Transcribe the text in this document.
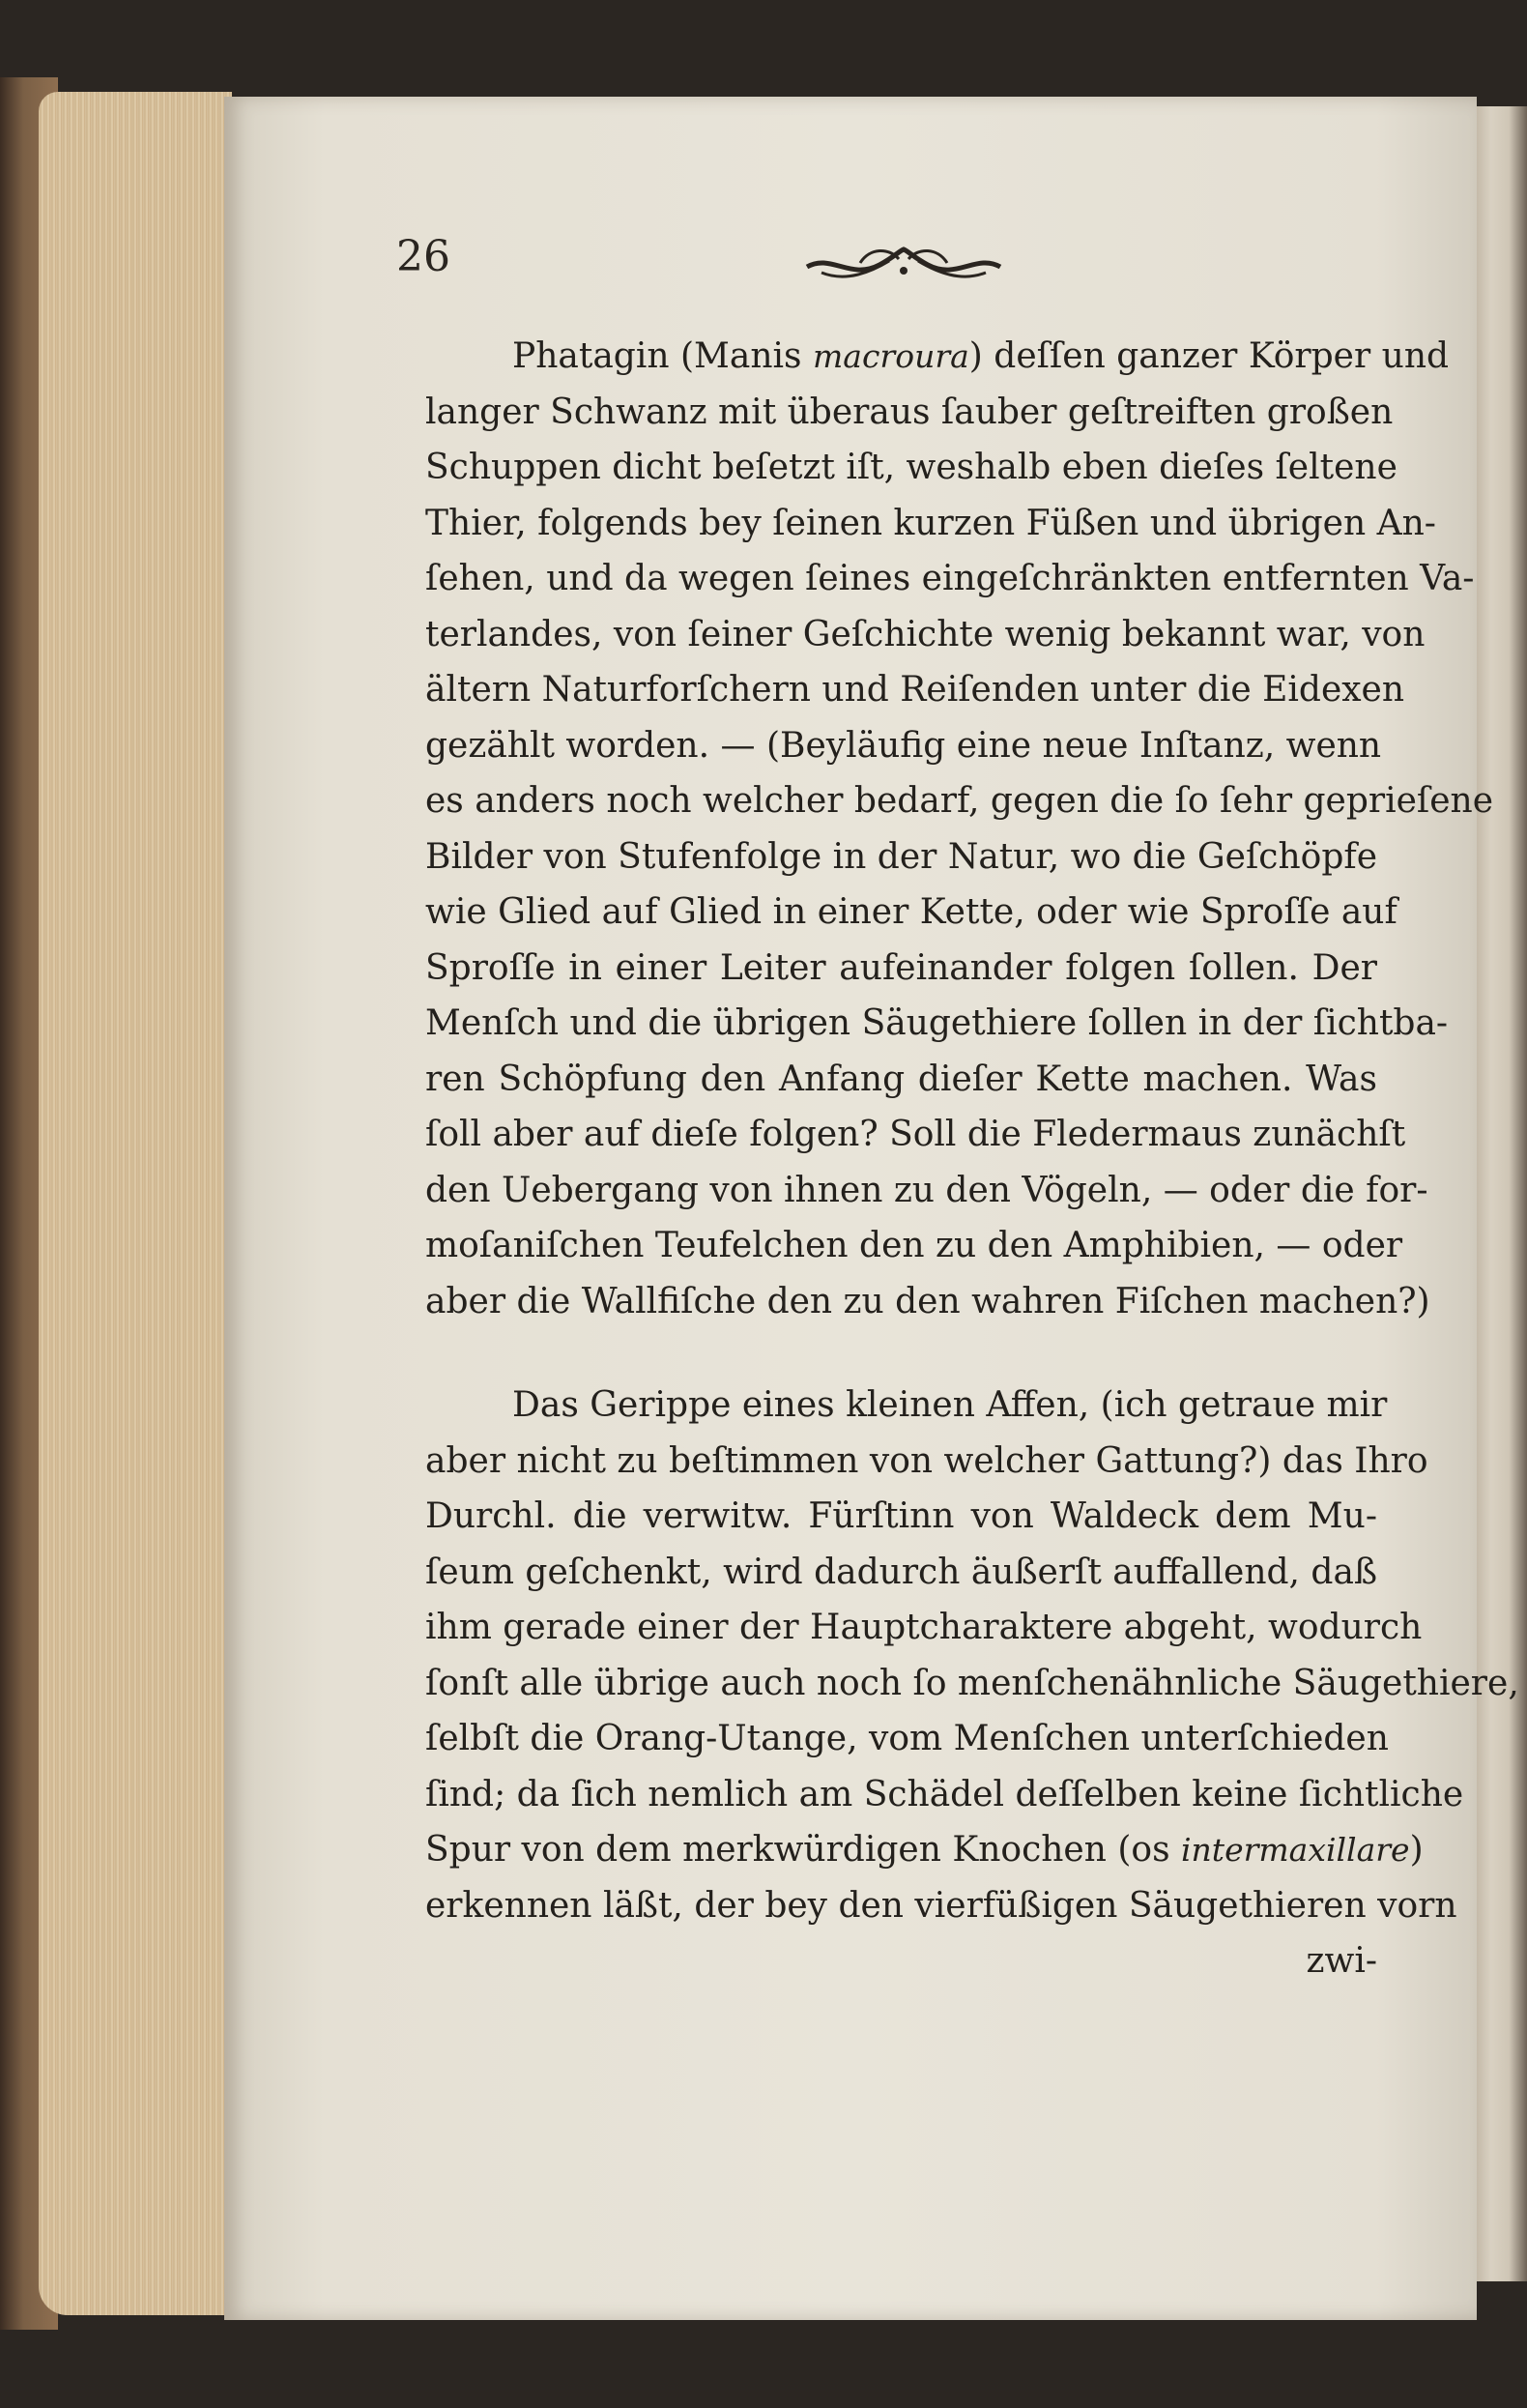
26
Phatagin (Manis macroura) deſſen ganzer Körper und
langer Schwanz mit überaus ſauber geſtreiften großen
Schuppen dicht beſetzt iſt, weshalb eben dieſes ſeltene
Thier, folgends bey ſeinen kurzen Füßen und übrigen An-
ſehen, und da wegen ſeines eingeſchränkten entfernten Va-
terlandes, von ſeiner Geſchichte wenig bekannt war, von
ältern Naturforſchern und Reiſenden unter die Eidexen
gezählt worden. — (Beyläufig eine neue Inſtanz, wenn
es anders noch welcher bedarf, gegen die ſo ſehr geprieſene
Bilder von Stufenfolge in der Natur, wo die Geſchöpfe
wie Glied auf Glied in einer Kette, oder wie Sproſſe auf
Sproſſe in einer Leiter aufeinander folgen ſollen. Der
Menſch und die übrigen Säugethiere ſollen in der ſichtba-
ren Schöpfung den Anfang dieſer Kette machen. Was
ſoll aber auf dieſe folgen? Soll die Fledermaus zunächſt
den Uebergang von ihnen zu den Vögeln, — oder die for-
moſaniſchen Teufelchen den zu den Amphibien, — oder
aber die Wallfiſche den zu den wahren Fiſchen machen?)
Das Gerippe eines kleinen Affen, (ich getraue mir
aber nicht zu beſtimmen von welcher Gattung?) das Ihro
Durchl. die verwitw. Fürſtinn von Waldeck dem Mu-
ſeum geſchenkt, wird dadurch äußerſt auffallend, daß
ihm gerade einer der Hauptcharaktere abgeht, wodurch
ſonſt alle übrige auch noch ſo menſchenähnliche Säugethiere,
ſelbſt die Orang-Utange, vom Menſchen unterſchieden
ſind; da ſich nemlich am Schädel deſſelben keine ſichtliche
Spur von dem merkwürdigen Knochen (os intermaxillare)
erkennen läßt, der bey den vierfüßigen Säugethieren vorn
zwi-
